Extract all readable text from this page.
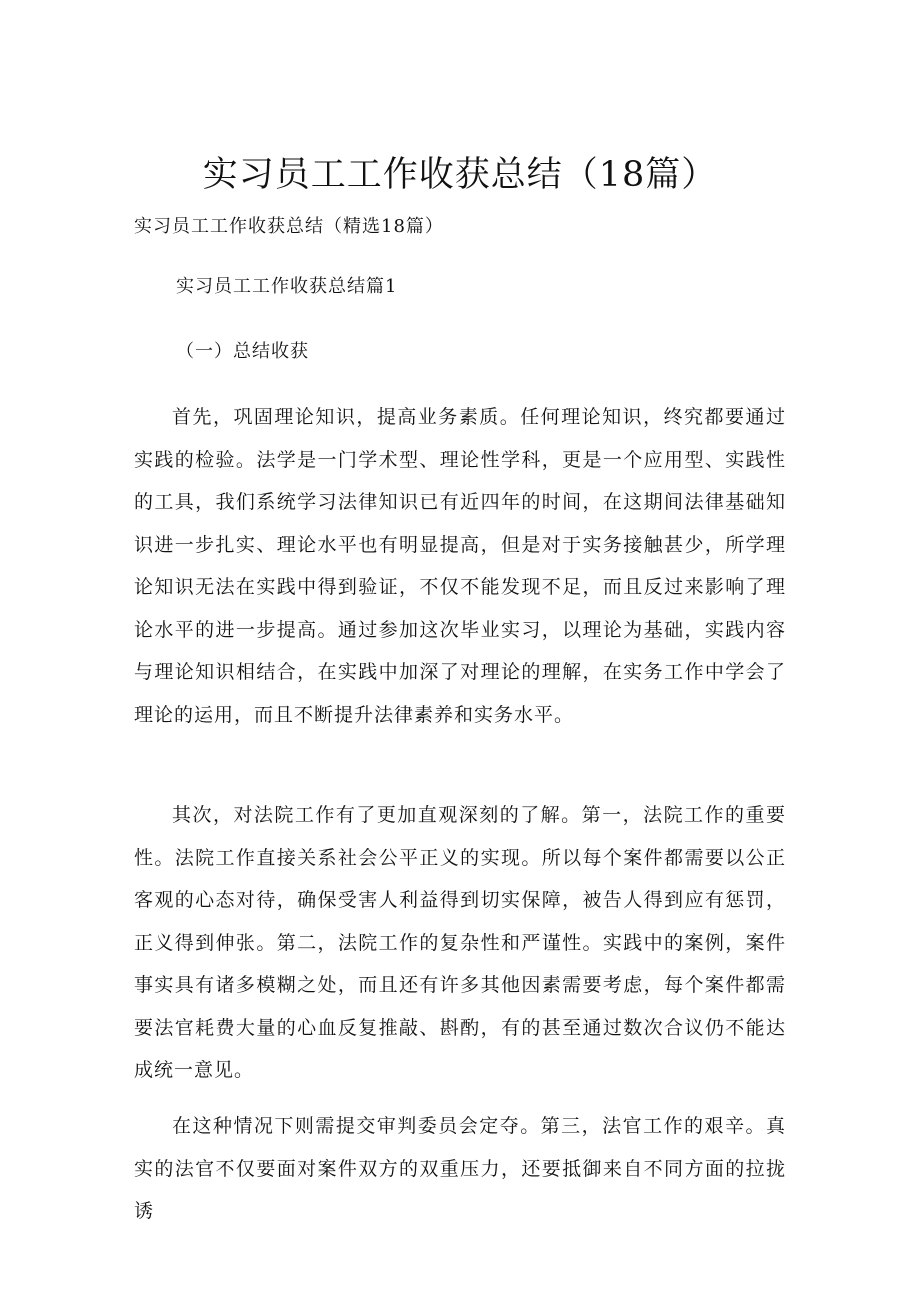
实习员工工作收获总结（18篇）
实习员工工作收获总结（精选18篇）
实习员工工作收获总结篇1
（一）总结收获

首先，巩固理论知识，提高业务素质。任何理论知识，终究都要通过实践的检验。法学是一门学术型、理论性学科，更是一个应用型、实践性的工具，我们系统学习法律知识已有近四年的时间，在这期间法律基础知识进一步扎实、理论水平也有明显提高，但是对于实务接触甚少，所学理论知识无法在实践中得到验证，不仅不能发现不足，而且反过来影响了理论水平的进一步提高。通过参加这次毕业实习，以理论为基础，实践内容与理论知识相结合，在实践中加深了对理论的理解，在实务工作中学会了理论的运用，而且不断提升法律素养和实务水平。

其次，对法院工作有了更加直观深刻的了解。第一，法院工作的重要性。法院工作直接关系社会公平正义的实现。所以每个案件都需要以公正客观的心态对待，确保受害人利益得到切实保障，被告人得到应有惩罚，正义得到伸张。第二，法院工作的复杂性和严谨性。实践中的案例，案件事实具有诸多模糊之处，而且还有许多其他因素需要考虑，每个案件都需要法官耗费大量的心血反复推敲、斟酌，有的甚至通过数次合议仍不能达成统一意见。

在这种情况下则需提交审判委员会定夺。第三，法官工作的艰辛。真实的法官不仅要面对案件双方的双重压力，还要抵御来自不同方面的拉拢诱
